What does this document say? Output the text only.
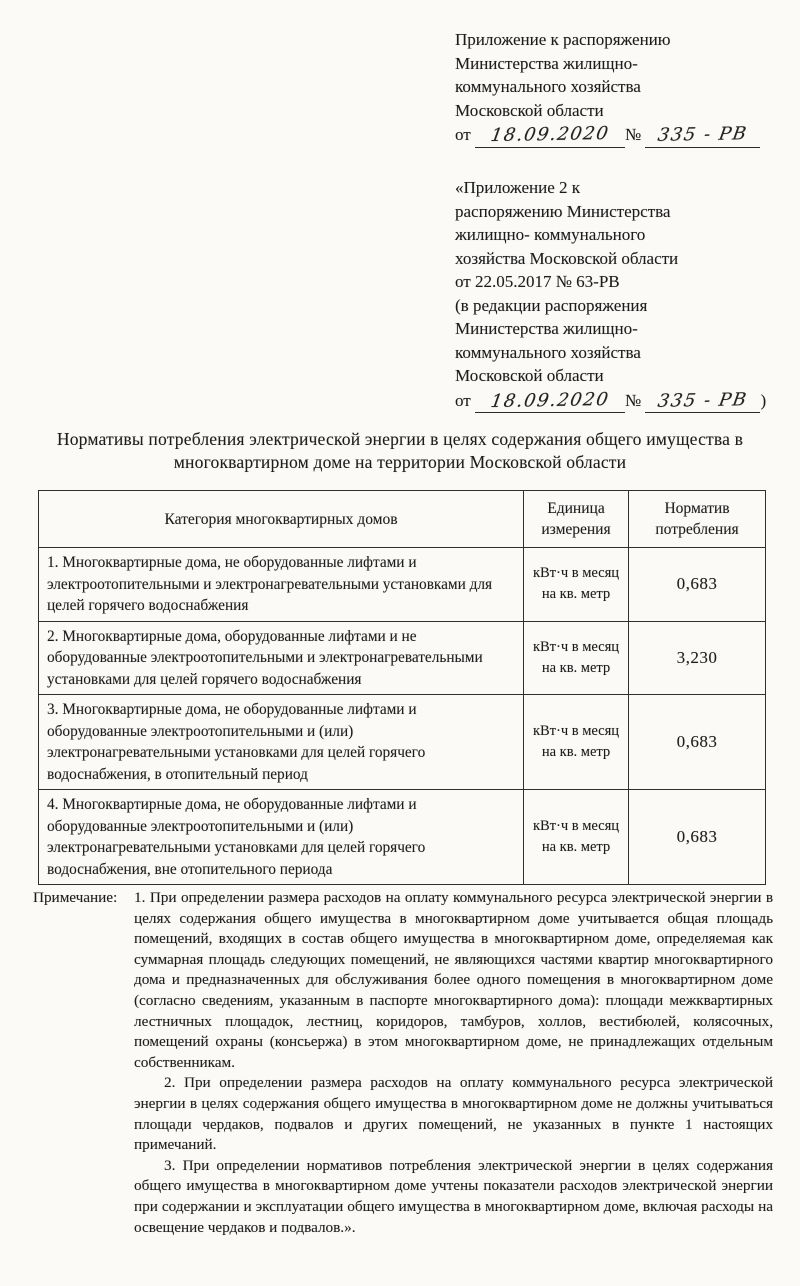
Приложение к распоряжению
Министерства жилищно-
коммунального хозяйства
Московской области
от 18.09.2020 № 335 - РВ
«Приложение 2 к
распоряжению Министерства
жилищно- коммунального
хозяйства Московской области
от 22.05.2017 № 63-РВ
(в редакции распоряжения
Министерства жилищно-
коммунального хозяйства
Московской области
от 18.09.2020 № 335 - РВ )
Нормативы потребления электрической энергии в целях содержания общего имущества в многоквартирном доме на территории Московской области
Категория многоквартирных домов	Единица измерения	Норматив потребления
1. Многоквартирные дома, не оборудованные лифтами и электроотопительными и электронагревательными установками для целей горячего водоснабжения	кВт·ч в месяц на кв. метр	0,683
2. Многоквартирные дома, оборудованные лифтами и не оборудованные электроотопительными и электронагревательными установками для целей горячего водоснабжения	кВт·ч в месяц на кв. метр	3,230
3. Многоквартирные дома, не оборудованные лифтами и оборудованные электроотопительными и (или) электронагревательными установками для целей горячего водоснабжения, в отопительный период	кВт·ч в месяц на кв. метр	0,683
4. Многоквартирные дома, не оборудованные лифтами и оборудованные электроотопительными и (или) электронагревательными установками для целей горячего водоснабжения, вне отопительного периода	кВт·ч в месяц на кв. метр	0,683
Примечание:	1. При определении размера расходов на оплату коммунального ресурса электрической энергии в целях содержания общего имущества в многоквартирном доме учитывается общая площадь помещений, входящих в состав общего имущества в многоквартирном доме, определяемая как суммарная площадь следующих помещений, не являющихся частями квартир многоквартирного дома и предназначенных для обслуживания более одного помещения в многоквартирном доме (согласно сведениям, указанным в паспорте многоквартирного дома): площади межквартирных лестничных площадок, лестниц, коридоров, тамбуров, холлов, вестибюлей, колясочных, помещений охраны (консьержа) в этом многоквартирном доме, не принадлежащих отдельным собственникам.

2. При определении размера расходов на оплату коммунального ресурса электрической энергии в целях содержания общего имущества в многоквартирном доме не должны учитываться площади чердаков, подвалов и других помещений, не указанных в пункте 1 настоящих примечаний.

3. При определении нормативов потребления электрической энергии в целях содержания общего имущества в многоквартирном доме учтены показатели расходов электрической энергии при содержании и эксплуатации общего имущества в многоквартирном доме, включая расходы на освещение чердаков и подвалов.».
